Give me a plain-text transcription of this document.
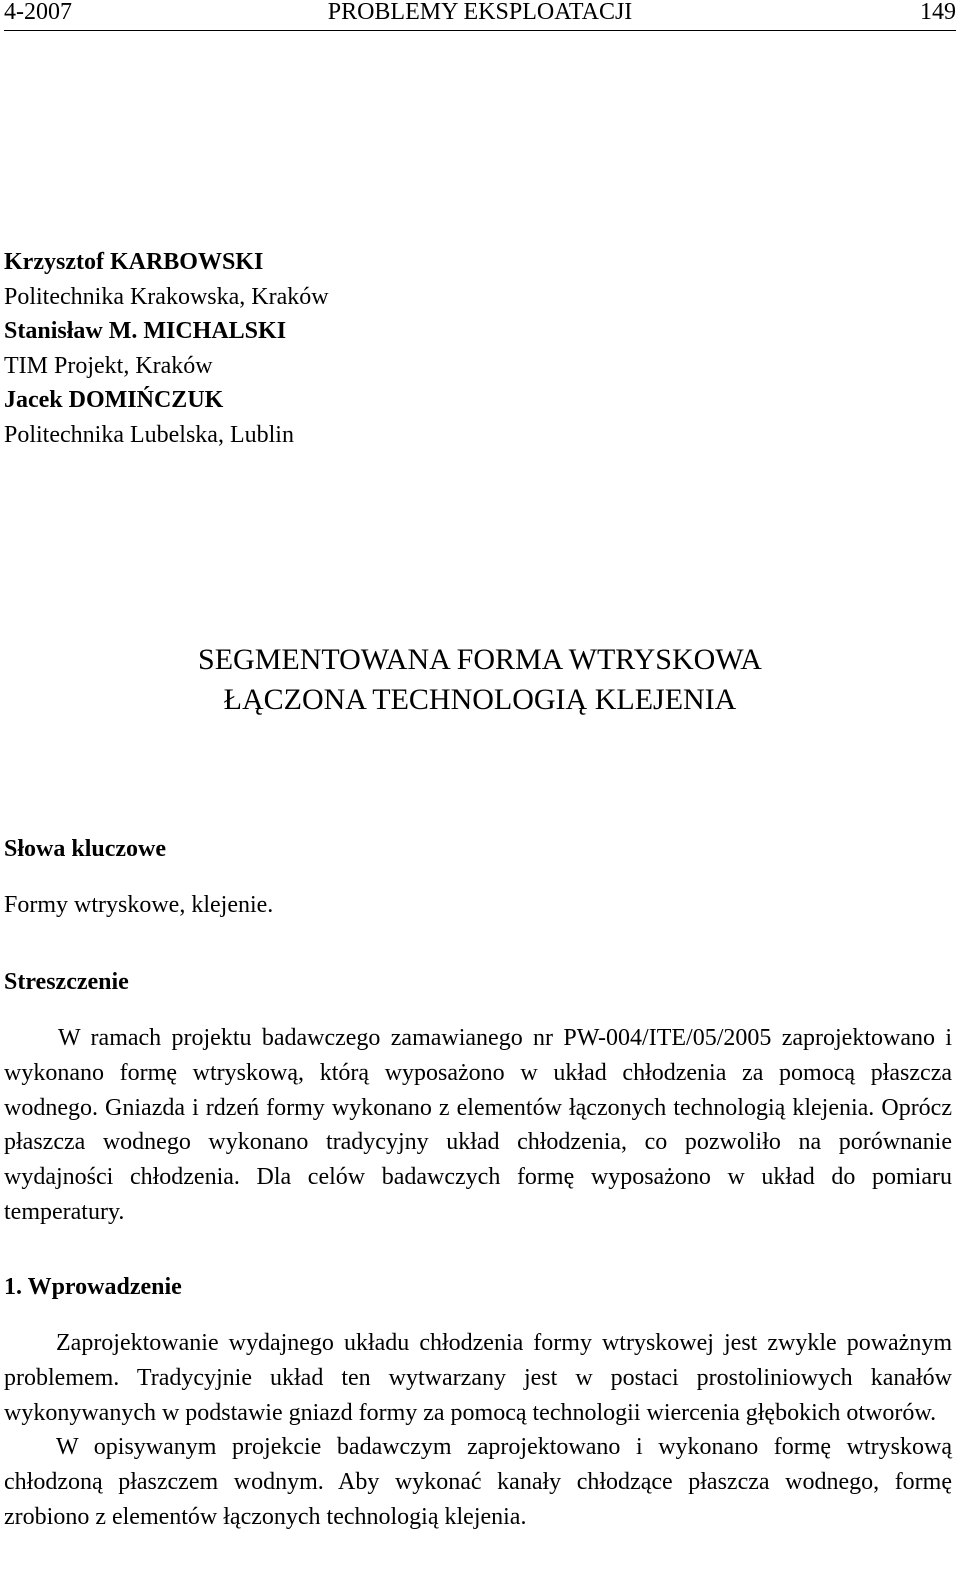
4-2007	PROBLEMY EKSPLOATACJI	149
Krzysztof KARBOWSKI
Politechnika Krakowska, Kraków
Stanisław M. MICHALSKI
TIM Projekt, Kraków
Jacek DOMIŃCZUK
Politechnika Lubelska, Lublin
SEGMENTOWANA FORMA WTRYSKOWA
ŁĄCZONA TECHNOLOGIĄ KLEJENIA
Słowa kluczowe
Formy wtryskowe, klejenie.
Streszczenie
W ramach projektu badawczego zamawianego nr PW-004/ITE/05/2005 zaprojektowano i wykonano formę wtryskową, którą wyposażono w układ chłodzenia za pomocą płaszcza wodnego. Gniazda i rdzeń formy wykonano z elementów łączonych technologią klejenia. Oprócz płaszcza wodnego wykonano tradycyjny układ chłodzenia, co pozwoliło na porównanie wydajności chłodzenia. Dla celów badawczych formę wyposażono w układ do pomiaru temperatury.
1. Wprowadzenie

Zaprojektowanie wydajnego układu chłodzenia formy wtryskowej jest zwykle poważnym problemem. Tradycyjnie układ ten wytwarzany jest w postaci prostoliniowych kanałów wykonywanych w podstawie gniazd formy za pomocą technologii wiercenia głębokich otworów.

W opisywanym projekcie badawczym zaprojektowano i wykonano formę wtryskową chłodzoną płaszczem wodnym. Aby wykonać kanały chłodzące płaszcza wodnego, formę zrobiono z elementów łączonych technologią klejenia.
